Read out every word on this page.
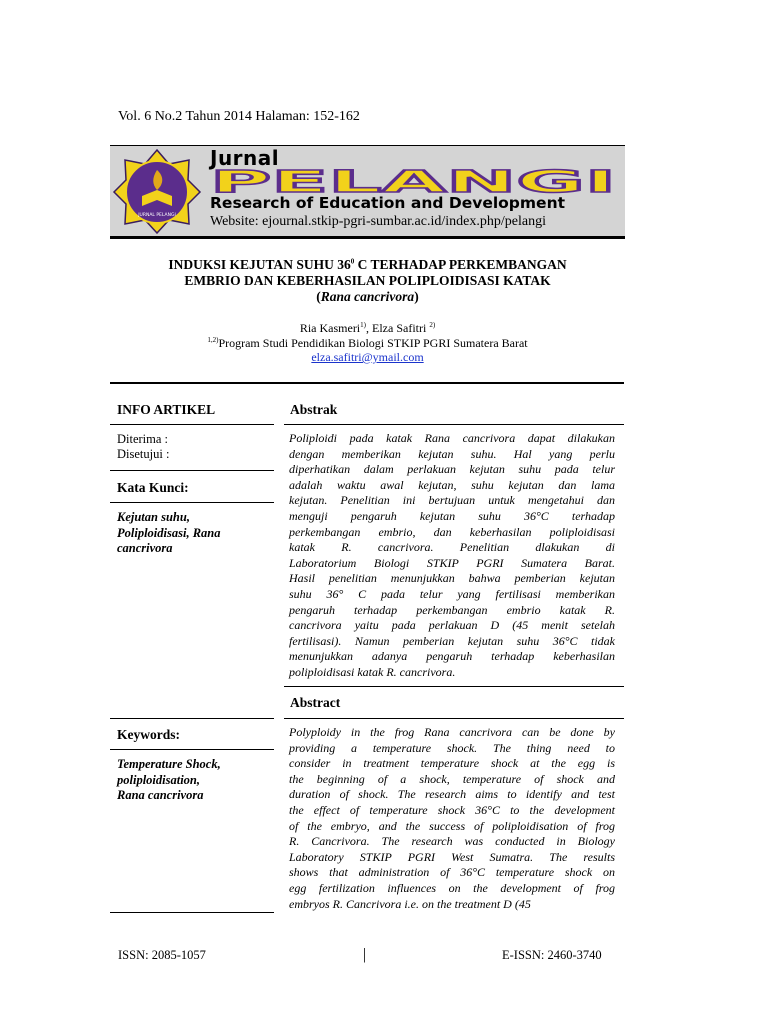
Vol. 6 No.2 Tahun 2014 Halaman: 152-162
JURNAL PELANGI
Jurnal
PELANGI
Research of Education and Development
Website: ejournal.stkip-pgri-sumbar.ac.id/index.php/pelangi
INDUKSI KEJUTAN SUHU $36^0$ C TERHADAP PERKEMBANGAN
EMBRIO DAN KEBERHASILAN POLIPLOIDISASI KATAK
(Rana cancrivora)
Ria Kasmeri$^{1)}$, Elza Safitri $^{2)}$
$^{1,2)}$Program Studi Pendidikan Biologi STKIP PGRI Sumatera Barat
elza.safitri@ymail.com
INFO ARTIKEL
Diterima :
Disetujui :
Kata Kunci:
Kejutan suhu,
Poliploidisasi, Rana
cancrivora
Keywords:
Temperature Shock,
poliploidisation,
Rana cancrivora
Abstrak
Poliploidi pada katak Rana cancrivora dapat dilakukan
dengan memberikan kejutan suhu. Hal yang perlu
diperhatikan dalam perlakuan kejutan suhu pada telur
adalah waktu awal kejutan, suhu kejutan dan lama
kejutan. Penelitian ini bertujuan untuk mengetahui dan
menguji pengaruh kejutan suhu 36°C terhadap
perkembangan embrio, dan keberhasilan poliploidisasi
katak R. cancrivora. Penelitian dlakukan di
Laboratorium Biologi STKIP PGRI Sumatera Barat.
Hasil penelitian menunjukkan bahwa pemberian kejutan
suhu 36° C pada telur yang fertilisasi memberikan
pengaruh terhadap perkembangan embrio katak R.
cancrivora yaitu pada perlakuan D (45 menit setelah
fertilisasi). Namun pemberian kejutan suhu 36°C tidak
menunjukkan adanya pengaruh terhadap keberhasilan
poliploidisasi katak R. cancrivora.
Abstract
Polyploidy in the frog Rana cancrivora can be done by
providing a temperature shock. The thing need to
consider in treatment temperature shock at the egg is
the beginning of a shock, temperature of shock and
duration of shock. The research aims to identify and test
the effect of temperature shock 36°C to the development
of the embryo, and the success of poliploidisation of frog
R. Cancrivora. The research was conducted in Biology
Laboratory STKIP PGRI West Sumatra. The results
shows that administration of 36°C temperature shock on
egg fertilization influences on the development of frog
embryos R. Cancrivora i.e. on the treatment D (45
ISSN: 2085-1057	|	E-ISSN: 2460-3740
